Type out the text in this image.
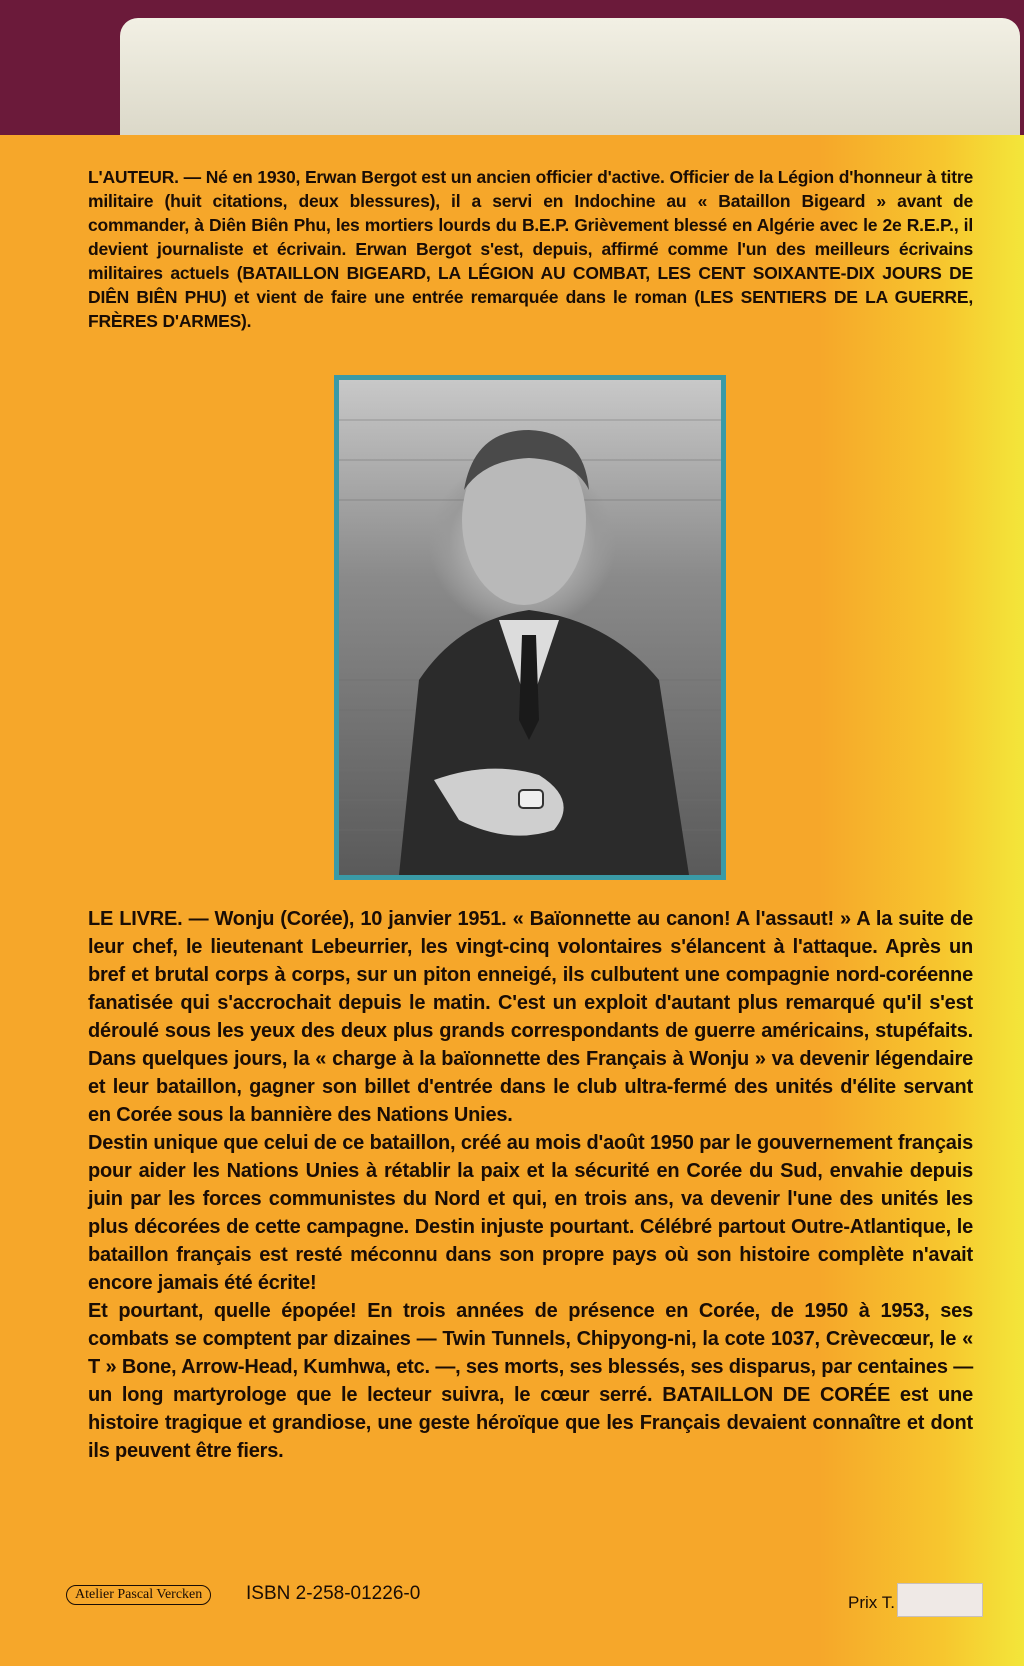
L'AUTEUR. — Né en 1930, Erwan Bergot est un ancien officier d'active. Officier de la Légion d'honneur à titre militaire (huit citations, deux blessures), il a servi en Indochine au « Bataillon Bigeard » avant de commander, à Diên Biên Phu, les mortiers lourds du B.E.P. Grièvement blessé en Algérie avec le 2e R.E.P., il devient journaliste et écrivain. Erwan Bergot s'est, depuis, affirmé comme l'un des meilleurs écrivains militaires actuels (BATAILLON BIGEARD, LA LÉGION AU COMBAT, LES CENT SOIXANTE-DIX JOURS DE DIÊN BIÊN PHU) et vient de faire une entrée remarquée dans le roman (LES SENTIERS DE LA GUERRE, FRÈRES D'ARMES).

LE LIVRE. — Wonju (Corée), 10 janvier 1951. « Baïonnette au canon! A l'assaut! » A la suite de leur chef, le lieutenant Lebeurrier, les vingt-cinq volontaires s'élancent à l'attaque. Après un bref et brutal corps à corps, sur un piton enneigé, ils culbutent une compagnie nord-coréenne fanatisée qui s'accrochait depuis le matin. C'est un exploit d'autant plus remarqué qu'il s'est déroulé sous les yeux des deux plus grands correspondants de guerre américains, stupéfaits. Dans quelques jours, la « charge à la baïonnette des Français à Wonju » va devenir légendaire et leur bataillon, gagner son billet d'entrée dans le club ultra-fermé des unités d'élite servant en Corée sous la bannière des Nations Unies.

Destin unique que celui de ce bataillon, créé au mois d'août 1950 par le gouvernement français pour aider les Nations Unies à rétablir la paix et la sécurité en Corée du Sud, envahie depuis juin par les forces communistes du Nord et qui, en trois ans, va devenir l'une des unités les plus décorées de cette campagne. Destin injuste pourtant. Célébré partout Outre-Atlantique, le bataillon français est resté méconnu dans son propre pays où son histoire complète n'avait encore jamais été écrite!

Et pourtant, quelle épopée! En trois années de présence en Corée, de 1950 à 1953, ses combats se comptent par dizaines — Twin Tunnels, Chipyong-ni, la cote 1037, Crèvecœur, le « T » Bone, Arrow-Head, Kumhwa, etc. —, ses morts, ses blessés, ses disparus, par centaines — un long martyrologe que le lecteur suivra, le cœur serré. BATAILLON DE CORÉE est une histoire tragique et grandiose, une geste héroïque que les Français devaient connaître et dont ils peuvent être fiers.

Atelier Pascal Vercken	ISBN 2-258-01226-0	Prix T.
